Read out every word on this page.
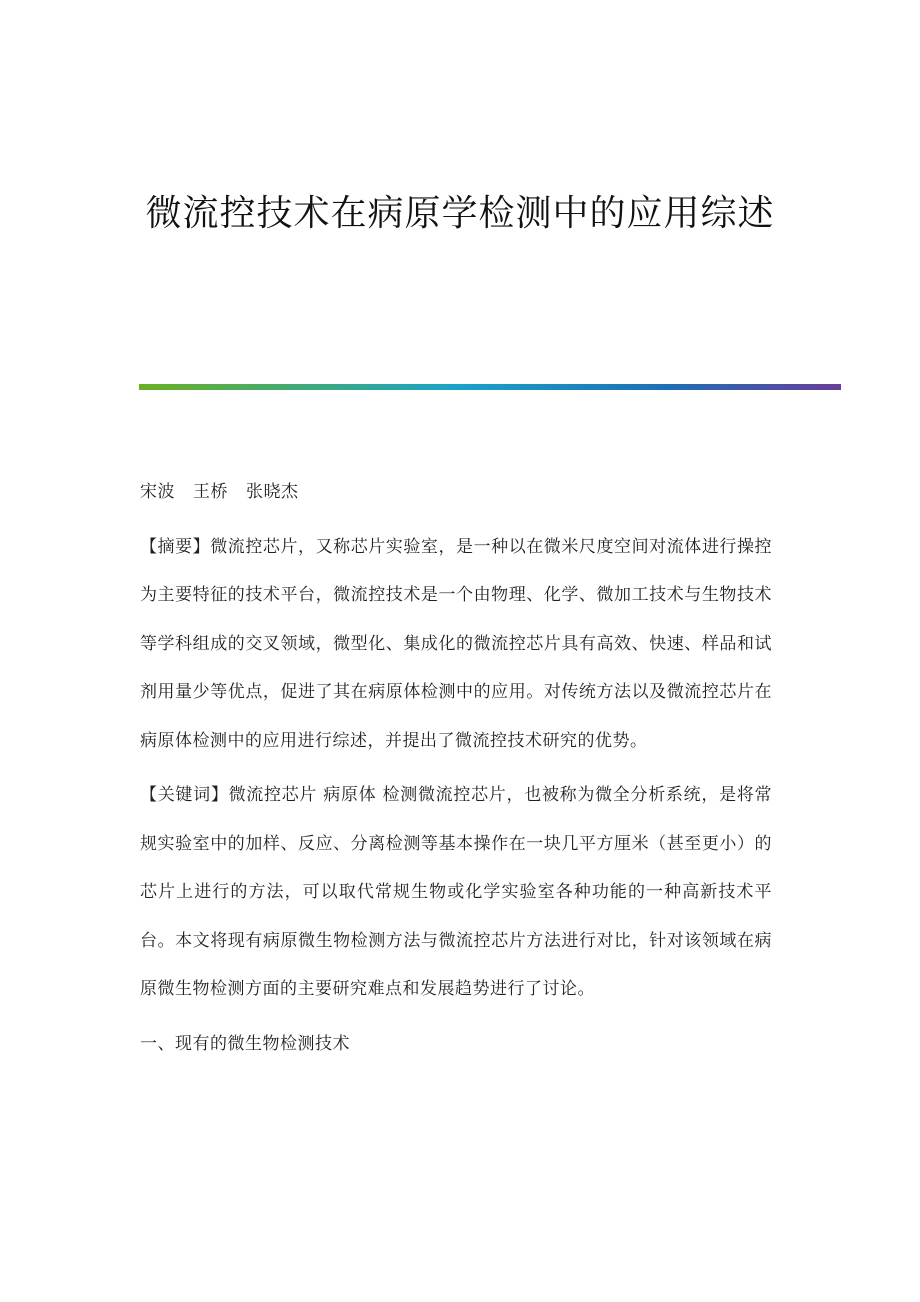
微流控技术在病原学检测中的应用综述

宋波 王桥 张晓杰

【摘要】微流控芯片，又称芯片实验室，是一种以在微米尺度空间对流体进行操控为主要特征的技术平台，微流控技术是一个由物理、化学、微加工技术与生物技术等学科组成的交叉领域，微型化、集成化的微流控芯片具有高效、快速、样品和试剂用量少等优点，促进了其在病原体检测中的应用。对传统方法以及微流控芯片在病原体检测中的应用进行综述，并提出了微流控技术研究的优势。

【关键词】微流控芯片 病原体 检测微流控芯片，也被称为微全分析系统，是将常规实验室中的加样、反应、分离检测等基本操作在一块几平方厘米（甚至更小）的芯片上进行的方法，可以取代常规生物或化学实验室各种功能的一种高新技术平台。本文将现有病原微生物检测方法与微流控芯片方法进行对比，针对该领域在病原微生物检测方面的主要研究难点和发展趋势进行了讨论。

一、现有的微生物检测技术
